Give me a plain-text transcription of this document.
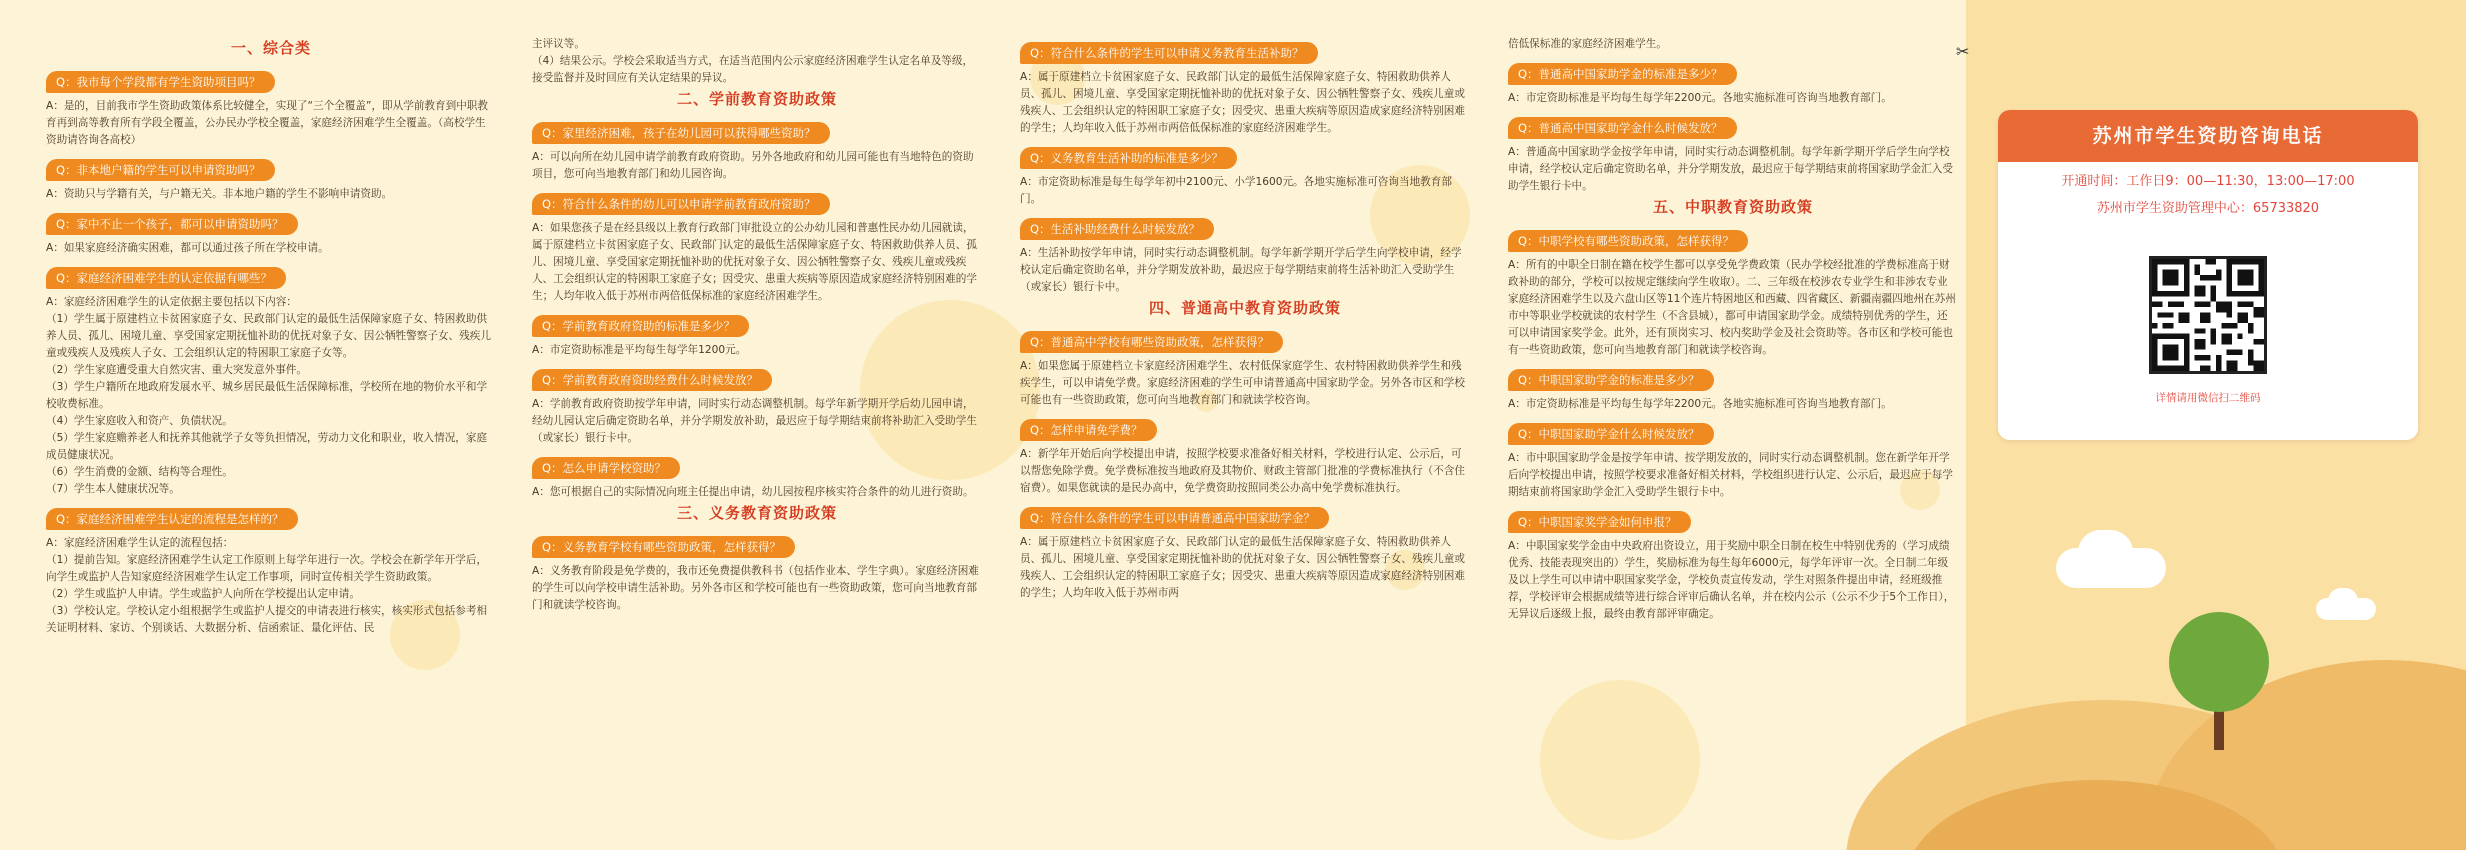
一、综合类
Q：我市每个学段都有学生资助项目吗？
A：是的，目前我市学生资助政策体系比较健全，实现了“三个全覆盖”，即从学前教育到中职教育再到高等教育所有学段全覆盖，公办民办学校全覆盖，家庭经济困难学生全覆盖。（高校学生资助请咨询各高校）
Q：非本地户籍的学生可以申请资助吗？
A：资助只与学籍有关，与户籍无关。非本地户籍的学生不影响申请资助。
Q：家中不止一个孩子，都可以申请资助吗？
A：如果家庭经济确实困难，都可以通过孩子所在学校申请。
Q：家庭经济困难学生的认定依据有哪些？
A：家庭经济困难学生的认定依据主要包括以下内容：
（1）学生属于原建档立卡贫困家庭子女、民政部门认定的最低生活保障家庭子女、特困救助供养人员、孤儿、困境儿童、享受国家定期抚恤补助的优抚对象子女、因公牺牲警察子女、残疾儿童或残疾人及残疾人子女、工会组织认定的特困职工家庭子女等。
（2）学生家庭遭受重大自然灾害、重大突发意外事件。
（3）学生户籍所在地政府发展水平、城乡居民最低生活保障标准，学校所在地的物价水平和学校收费标准。
（4）学生家庭收入和资产、负债状况。
（5）学生家庭赡养老人和抚养其他就学子女等负担情况，劳动力文化和职业，收入情况，家庭成员健康状况。
（6）学生消费的金额、结构等合理性。
（7）学生本人健康状况等。
Q：家庭经济困难学生认定的流程是怎样的？
A：家庭经济困难学生认定的流程包括：
（1）提前告知。家庭经济困难学生认定工作原则上每学年进行一次。学校会在新学年开学后，向学生或监护人告知家庭经济困难学生认定工作事项，同时宣传相关学生资助政策。
（2）学生或监护人申请。学生或监护人向所在学校提出认定申请。
（3）学校认定。学校认定小组根据学生或监护人提交的申请表进行核实，核实形式包括参考相关证明材料、家访、个别谈话、大数据分析、信函索证、量化评估、民
主评议等。
（4）结果公示。学校会采取适当方式，在适当范围内公示家庭经济困难学生认定名单及等级，接受监督并及时回应有关认定结果的异议。
二、学前教育资助政策
Q：家里经济困难，孩子在幼儿园可以获得哪些资助？
A：可以向所在幼儿园申请学前教育政府资助。另外各地政府和幼儿园可能也有当地特色的资助项目，您可向当地教育部门和幼儿园咨询。
Q：符合什么条件的幼儿可以申请学前教育政府资助？
A：如果您孩子是在经县级以上教育行政部门审批设立的公办幼儿园和普惠性民办幼儿园就读，属于原建档立卡贫困家庭子女、民政部门认定的最低生活保障家庭子女、特困救助供养人员、孤儿、困境儿童、享受国家定期抚恤补助的优抚对象子女、因公牺牲警察子女、残疾儿童或残疾人、工会组织认定的特困职工家庭子女；因受灾、患重大疾病等原因造成家庭经济特别困难的学生；人均年收入低于苏州市两倍低保标准的家庭经济困难学生。
Q：学前教育政府资助的标准是多少？
A：市定资助标准是平均每生每学年1200元。
Q：学前教育政府资助经费什么时候发放？
A：学前教育政府资助按学年申请，同时实行动态调整机制。每学年新学期开学后幼儿园申请，经幼儿园认定后确定资助名单，并分学期发放补助，最迟应于每学期结束前将补助汇入受助学生（或家长）银行卡中。
Q：怎么申请学校资助？
A：您可根据自己的实际情况向班主任提出申请，幼儿园按程序核实符合条件的幼儿进行资助。
三、义务教育资助政策
Q：义务教育学校有哪些资助政策，怎样获得？
A：义务教育阶段是免学费的，我市还免费提供教科书（包括作业本、学生字典）。家庭经济困难的学生可以向学校申请生活补助。另外各市区和学校可能也有一些资助政策，您可向当地教育部门和就读学校咨询。
Q：符合什么条件的学生可以申请义务教育生活补助？
A：属于原建档立卡贫困家庭子女、民政部门认定的最低生活保障家庭子女、特困救助供养人员、孤儿、困境儿童、享受国家定期抚恤补助的优抚对象子女、因公牺牲警察子女、残疾儿童或残疾人、工会组织认定的特困职工家庭子女；因受灾、患重大疾病等原因造成家庭经济特别困难的学生；人均年收入低于苏州市两倍低保标准的家庭经济困难学生。
Q：义务教育生活补助的标准是多少？
A：市定资助标准是每生每学年初中2100元、小学1600元。各地实施标准可咨询当地教育部门。
Q：生活补助经费什么时候发放？
A：生活补助按学年申请，同时实行动态调整机制。每学年新学期开学后学生向学校申请，经学校认定后确定资助名单，并分学期发放补助，最迟应于每学期结束前将生活补助汇入受助学生（或家长）银行卡中。
四、普通高中教育资助政策
Q：普通高中学校有哪些资助政策，怎样获得？
A：如果您属于原建档立卡家庭经济困难学生、农村低保家庭学生、农村特困救助供养学生和残疾学生，可以申请免学费。家庭经济困难的学生可申请普通高中国家助学金。另外各市区和学校可能也有一些资助政策，您可向当地教育部门和就读学校咨询。
Q：怎样申请免学费？
A：新学年开始后向学校提出申请，按照学校要求准备好相关材料，学校进行认定、公示后，可以帮您免除学费。免学费标准按当地政府及其物价、财政主管部门批准的学费标准执行（不含住宿费）。如果您就读的是民办高中，免学费资助按照同类公办高中免学费标准执行。
Q：符合什么条件的学生可以申请普通高中国家助学金？
A：属于原建档立卡贫困家庭子女、民政部门认定的最低生活保障家庭子女、特困救助供养人员、孤儿、困境儿童、享受国家定期抚恤补助的优抚对象子女、因公牺牲警察子女、残疾儿童或残疾人、工会组织认定的特困职工家庭子女；因受灾、患重大疾病等原因造成家庭经济特别困难的学生；人均年收入低于苏州市两
倍低保标准的家庭经济困难学生。
Q：普通高中国家助学金的标准是多少？
A：市定资助标准是平均每生每学年2200元。各地实施标准可咨询当地教育部门。
Q：普通高中国家助学金什么时候发放？
A：普通高中国家助学金按学年申请，同时实行动态调整机制。每学年新学期开学后学生向学校申请，经学校认定后确定资助名单，并分学期发放，最迟应于每学期结束前将国家助学金汇入受助学生银行卡中。
五、中职教育资助政策
Q：中职学校有哪些资助政策，怎样获得？
A：所有的中职全日制在籍在校学生都可以享受免学费政策（民办学校经批准的学费标准高于财政补助的部分，学校可以按规定继续向学生收取）。二、三年级在校涉农专业学生和非涉农专业家庭经济困难学生以及六盘山区等11个连片特困地区和西藏、四省藏区、新疆南疆四地州在苏州市中等职业学校就读的农村学生（不含县城），都可申请国家助学金。成绩特别优秀的学生，还可以申请国家奖学金。此外，还有顶岗实习、校内奖助学金及社会资助等。各市区和学校可能也有一些资助政策，您可向当地教育部门和就读学校咨询。
Q：中职国家助学金的标准是多少？
A：市定资助标准是平均每生每学年2200元。各地实施标准可咨询当地教育部门。
Q：中职国家助学金什么时候发放？
A：市中职国家助学金是按学年申请、按学期发放的，同时实行动态调整机制。您在新学年开学后向学校提出申请，按照学校要求准备好相关材料，学校组织进行认定、公示后，最迟应于每学期结束前将国家助学金汇入受助学生银行卡中。
Q：中职国家奖学金如何申报？
A：中职国家奖学金由中央政府出资设立，用于奖励中职全日制在校生中特别优秀的（学习成绩优秀、技能表现突出的）学生，奖励标准为每生每年6000元，每学年评审一次。全日制二年级及以上学生可以申请中职国家奖学金，学校负责宣传发动，学生对照条件提出申请，经班级推荐，学校评审会根据成绩等进行综合评审后确认名单，并在校内公示（公示不少于5个工作日），无异议后逐级上报，最终由教育部评审确定。
✂
苏州市学生资助咨询电话
开通时间：工作日9：00—11:30，13:00—17:00
苏州市学生资助管理中心：65733820
详情请用微信扫二维码
